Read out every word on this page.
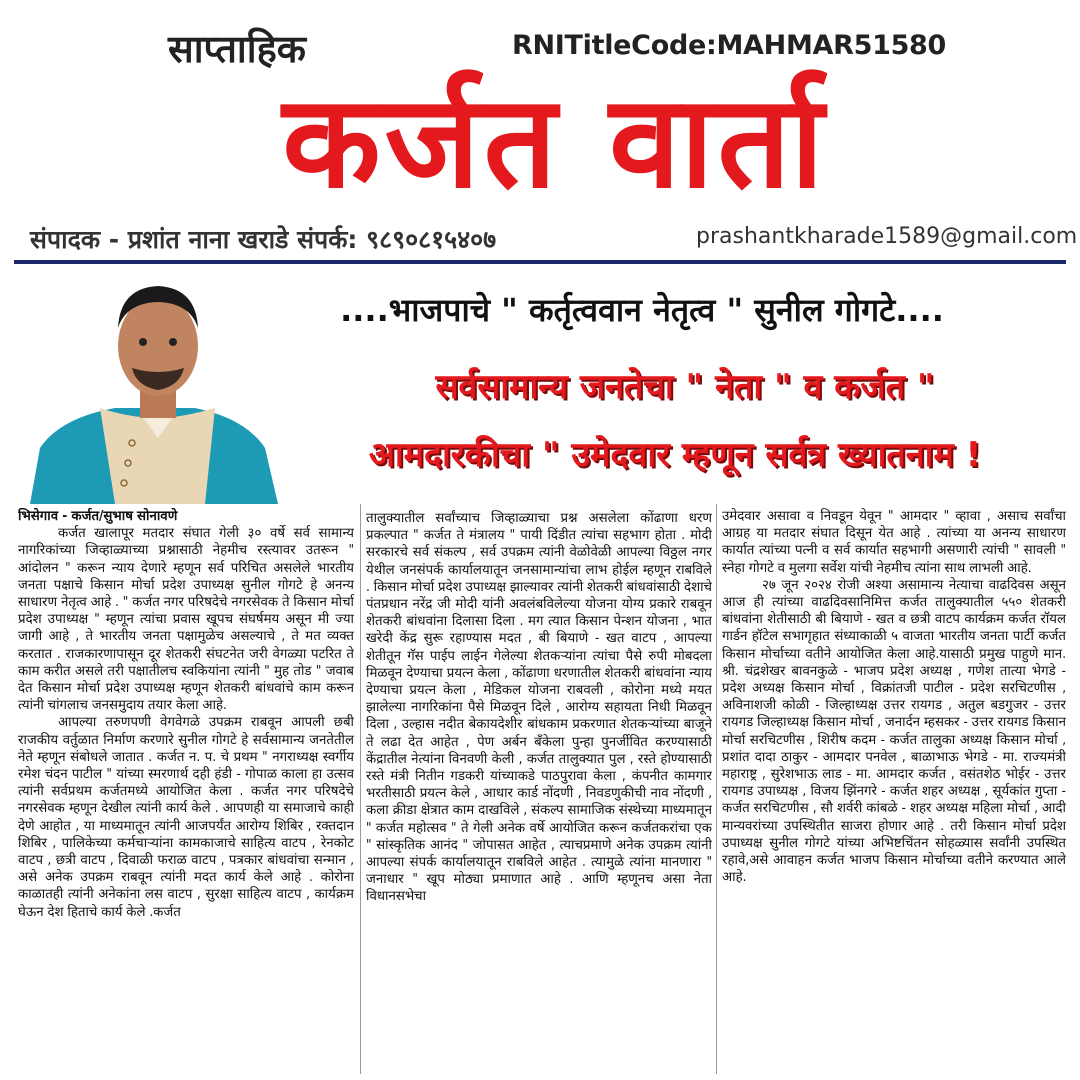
साप्ताहिक	RNITitleCode:MAHMAR51580
कर्जत वार्ता
संपादक - प्रशांत नाना खराडे संपर्क: ९८९०८१५४०७	prashantkharade1589@gmail.com
....भाजपाचे " कर्तृत्ववान नेतृत्व " सुनील गोगटे....
सर्वसामान्य जनतेचा " नेता " व कर्जत "
आमदारकीचा " उमेदवार म्हणून सर्वत्र ख्यातनाम !

भिसेगाव - कर्जत/सुभाष सोनावणे

कर्जत खालापूर मतदार संघात गेली ३० वर्षे सर्व सामान्य नागरिकांच्या जिव्हाळ्याच्या प्रश्नासाठी नेहमीच रस्त्यावर उतरून " आंदोलन " करून न्याय देणारे म्हणून सर्व परिचित असलेले भारतीय जनता पक्षाचे किसान मोर्चा प्रदेश उपाध्यक्ष सुनील गोगटे हे अनन्य साधारण नेतृत्व आहे . " कर्जत नगर परिषदेचे नगरसेवक ते किसान मोर्चा प्रदेश उपाध्यक्ष " म्हणून त्यांचा प्रवास खूपच संघर्षमय असून मी ज्या जागी आहे , ते भारतीय जनता पक्षामुळेच असल्याचे , ते मत व्यक्त करतात . राजकारणापासून दूर शेतकरी संघटनेत जरी वेगळ्या पटरित ते काम करीत असले तरी पक्षातीलच स्वकियांना त्यांनी " मुह तोड " जवाब देत किसान मोर्चा प्रदेश उपाध्यक्ष म्हणून शेतकरी बांधवांचे काम करून त्यांनी चांगलाच जनसमुदाय तयार केला आहे.

आपल्या तरुणपणी वेगवेगळे उपक्रम राबवून आपली छबी राजकीय वर्तुळात निर्माण करणारे सुनील गोगटे हे सर्वसामान्य जनतेतील नेते म्हणून संबोधले जातात . कर्जत न. प. चे प्रथम " नगराध्यक्ष स्वर्गीय रमेश चंदन पाटील " यांच्या स्मरणार्थ दही हंडी - गोपाळ काला हा उत्सव त्यांनी सर्वप्रथम कर्जतमध्ये आयोजित केला . कर्जत नगर परिषदेचे नगरसेवक म्हणून देखील त्यांनी कार्य केले . आपणही या समाजाचे काही देणे आहोत , या माध्यमातून त्यांनी आजपर्यंत आरोग्य शिबिर , रक्तदान शिबिर , पालिकेच्या कर्मचाऱ्यांना कामकाजाचे साहित्य वाटप , रेनकोट वाटप , छत्री वाटप , दिवाळी फराळ वाटप , पत्रकार बांधवांचा सन्मान , असे अनेक उपक्रम राबवून त्यांनी मदत कार्य केले आहे . कोरोना काळातही त्यांनी अनेकांना लस वाटप , सुरक्षा साहित्य वाटप , कार्यक्रम घेऊन देश हिताचे कार्य केले .कर्जत

तालुक्यातील सर्वांच्याच जिव्हाळ्याचा प्रश्न असलेला कोंढाणा धरण प्रकल्पात " कर्जत ते मंत्रालय " पायी दिंडीत त्यांचा सहभाग होता . मोदी सरकारचे सर्व संकल्प , सर्व उपक्रम त्यांनी वेळोवेळी आपल्या विठ्ठल नगर येथील जनसंपर्क कार्यालयातून जनसामान्यांचा लाभ होईल म्हणून राबविले . किसान मोर्चा प्रदेश उपाध्यक्ष झाल्यावर त्यांनी शेतकरी बांधवांसाठी देशाचे पंतप्रधान नरेंद्र जी मोदी यांनी अवलंबविलेल्या योजना योग्य प्रकारे राबवून शेतकरी बांधवांना दिलासा दिला . मग त्यात किसान पेन्शन योजना , भात खरेदी केंद्र सुरू रहाण्यास मदत , बी बियाणे - खत वाटप , आपल्या शेतीतून गॅस पाईप लाईन गेलेल्या शेतकऱ्यांना त्यांचा पैसे रुपी मोबदला मिळवून देण्याचा प्रयत्न केला , कोंढाणा धरणातील शेतकरी बांधवांना न्याय देण्याचा प्रयत्न केला , मेडिकल योजना राबवली , कोरोना मध्ये मयत झालेल्या नागरिकांना पैसे मिळवून दिले , आरोग्य सहायता निधी मिळवून दिला , उल्हास नदीत बेकायदेशीर बांधकाम प्रकरणात शेतकऱ्यांच्या बाजूने ते लढा देत आहेत , पेण अर्बन बँकेला पुन्हा पुनर्जीवित करण्यासाठी केंद्रातील नेत्यांना विनवणी केली , कर्जत तालुक्यात पुल , रस्ते होण्यासाठी रस्ते मंत्री नितीन गडकरी यांच्याकडे पाठपुरावा केला , कंपनीत कामगार भरतीसाठी प्रयत्न केले , आधार कार्ड नोंदणी , निवडणुकीची नाव नोंदणी , कला क्रीडा क्षेत्रात काम दाखविले , संकल्प सामाजिक संस्थेच्या माध्यमातून " कर्जत महोत्सव " ते गेली अनेक वर्षे आयोजित करून कर्जतकरांचा एक " सांस्कृतिक आनंद " जोपासत आहेत , त्याचप्रमाणे अनेक उपक्रम त्यांनी आपल्या संपर्क कार्यालयातून राबविले आहेत . त्यामुळे त्यांना मानणारा " जनाधार " खूप मोठ्या प्रमाणात आहे . आणि म्हणूनच असा नेता विधानसभेचा

उमेदवार असावा व निवडून येवून " आमदार " व्हावा , असाच सर्वांचा आग्रह या मतदार संघात दिसून येत आहे . त्यांच्या या अनन्य साधारण कार्यात त्यांच्या पत्नी व सर्व कार्यात सहभागी असणारी त्यांची " सावली " स्नेहा गोगटे व मुलगा सर्वेश यांची नेहमीच त्यांना साथ लाभली आहे.

२७ जून २०२४ रोजी अश्या असामान्य नेत्याचा वाढदिवस असून आज ही त्यांच्या वाढदिवसानिमित्त कर्जत तालुक्यातील ५५० शेतकरी बांधवांना शेतीसाठी बी बियाणे - खत व छत्री वाटप कार्यक्रम कर्जत रॉयल गार्डन हॉटेल सभागृहात संध्याकाळी ५ वाजता भारतीय जनता पार्टी कर्जत किसान मोर्चाच्या वतीने आयोजित केला आहे.यासाठी प्रमुख पाहुणे मान. श्री. चंद्रशेखर बावनकुळे - भाजप प्रदेश अध्यक्ष , गणेश तात्या भेगडे - प्रदेश अध्यक्ष किसान मोर्चा , विक्रांतजी पाटील - प्रदेश सरचिटणीस , अविनाशजी कोळी - जिल्हाध्यक्ष उत्तर रायगड , अतुल बडगुजर - उत्तर रायगड जिल्हाध्यक्ष किसान मोर्चा , जनार्दन म्हसकर - उत्तर रायगड किसान मोर्चा सरचिटणीस , शिरीष कदम - कर्जत तालुका अध्यक्ष किसान मोर्चा , प्रशांत दादा ठाकुर - आमदार पनवेल , बाळाभाऊ भेगडे - मा. राज्यमंत्री महाराष्ट्र , सुरेशभाऊ लाड - मा. आमदार कर्जत , वसंतशेठ भोईर - उत्तर रायगड उपाध्यक्ष , विजय झिंनगरे - कर्जत शहर अध्यक्ष , सूर्यकांत गुप्ता - कर्जत सरचिटणीस , सौ शर्वरी कांबळे - शहर अध्यक्ष महिला मोर्चा , आदी मान्यवरांच्या उपस्थितीत साजरा होणार आहे . तरी किसान मोर्चा प्रदेश उपाध्यक्ष सुनील गोगटे यांच्या अभिष्टचिंतन सोहळ्यास सर्वांनी उपस्थित रहावे,असे आवाहन कर्जत भाजप किसान मोर्चाच्या वतीने करण्यात आले आहे.
